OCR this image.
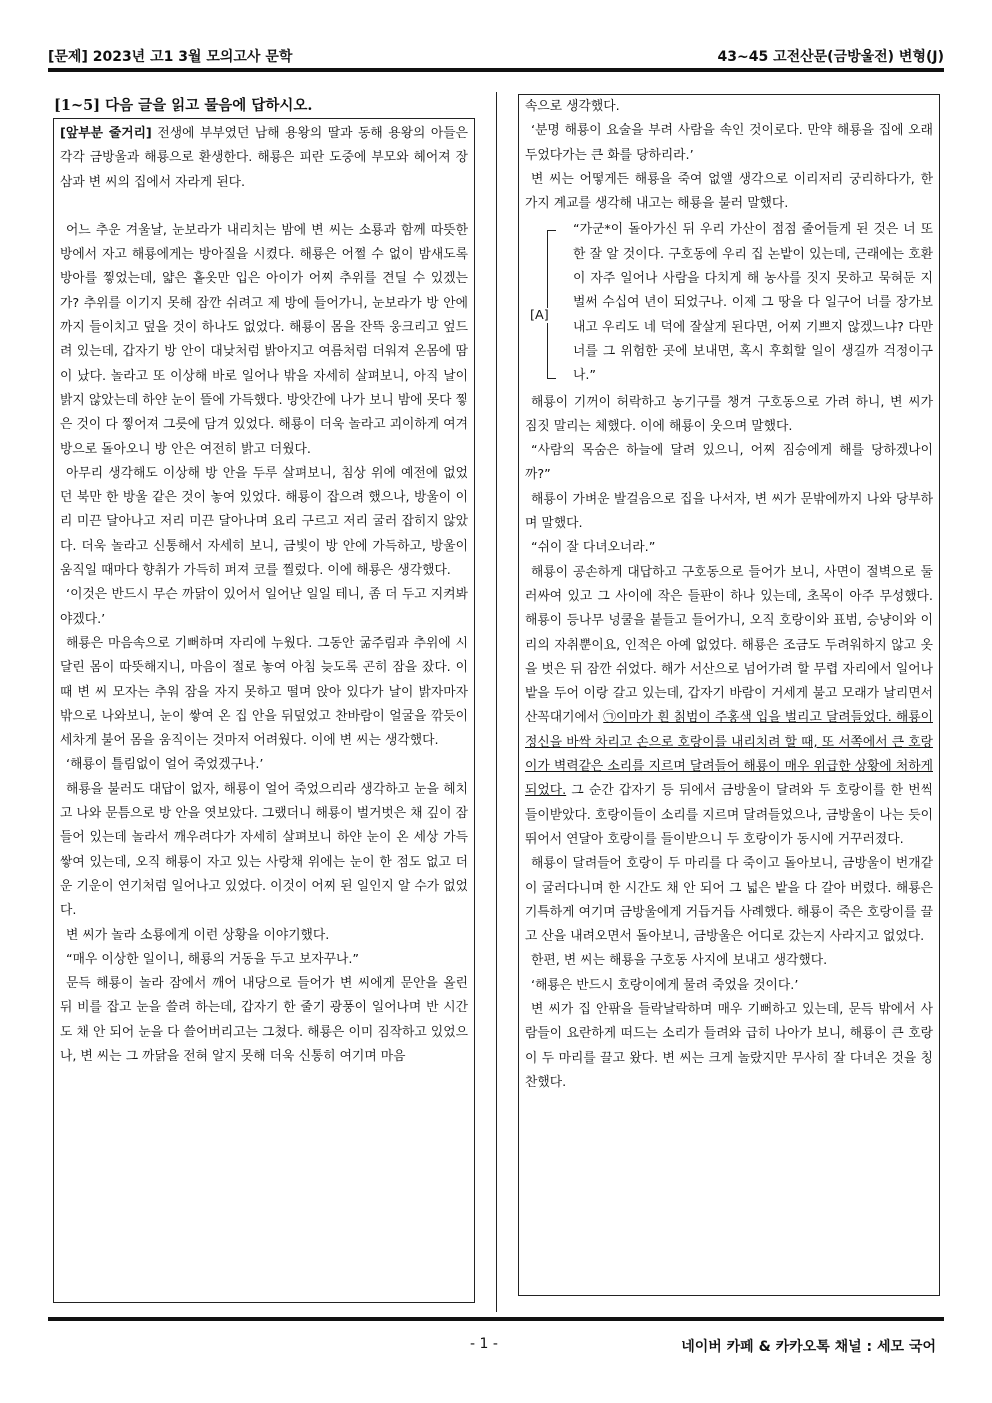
[문제] 2023년 고1 3월 모의고사 문학	43~45 고전산문(금방울전) 변형(J)
[1~5] 다음 글을 읽고 물음에 답하시오.

[앞부분 줄거리] 전생에 부부였던 남해 용왕의 딸과 동해 용왕의 아들은 각각 금방울과 해룡으로 환생한다. 해룡은 피란 도중에 부모와 헤어져 장삼과 변 씨의 집에서 자라게 된다.

어느 추운 겨울날, 눈보라가 내리치는 밤에 변 씨는 소룡과 함께 따뜻한 방에서 자고 해룡에게는 방아질을 시켰다. 해룡은 어쩔 수 없이 밤새도록 방아를 찧었는데, 얇은 홑옷만 입은 아이가 어찌 추위를 견딜 수 있겠는가? 추위를 이기지 못해 잠깐 쉬려고 제 방에 들어가니, 눈보라가 방 안에까지 들이치고 덮을 것이 하나도 없었다. 해룡이 몸을 잔뜩 웅크리고 엎드려 있는데, 갑자기 방 안이 대낮처럼 밝아지고 여름처럼 더워져 온몸에 땀이 났다. 놀라고 또 이상해 바로 일어나 밖을 자세히 살펴보니, 아직 날이 밝지 않았는데 하얀 눈이 뜰에 가득했다. 방앗간에 나가 보니 밤에 못다 찧은 것이 다 찧어져 그릇에 담겨 있었다. 해룡이 더욱 놀라고 괴이하게 여겨 방으로 돌아오니 방 안은 여전히 밝고 더웠다.

아무리 생각해도 이상해 방 안을 두루 살펴보니, 침상 위에 예전에 없었던 북만 한 방울 같은 것이 놓여 있었다. 해룡이 잡으려 했으나, 방울이 이리 미끈 달아나고 저리 미끈 달아나며 요리 구르고 저리 굴러 잡히지 않았다. 더욱 놀라고 신통해서 자세히 보니, 금빛이 방 안에 가득하고, 방울이 움직일 때마다 향취가 가득히 퍼져 코를 찔렀다. 이에 해룡은 생각했다.

‘이것은 반드시 무슨 까닭이 있어서 일어난 일일 테니, 좀 더 두고 지켜봐야겠다.’

해룡은 마음속으로 기뻐하며 자리에 누웠다. 그동안 굶주림과 추위에 시달린 몸이 따뜻해지니, 마음이 절로 놓여 아침 늦도록 곤히 잠을 잤다. 이때 변 씨 모자는 추워 잠을 자지 못하고 떨며 앉아 있다가 날이 밝자마자 밖으로 나와보니, 눈이 쌓여 온 집 안을 뒤덮었고 찬바람이 얼굴을 깎듯이 세차게 불어 몸을 움직이는 것마저 어려웠다. 이에 변 씨는 생각했다.

‘해룡이 틀림없이 얼어 죽었겠구나.’

해룡을 불러도 대답이 없자, 해룡이 얼어 죽었으리라 생각하고 눈을 헤치고 나와 문틈으로 방 안을 엿보았다. 그랬더니 해룡이 벌거벗은 채 깊이 잠들어 있는데 놀라서 깨우려다가 자세히 살펴보니 하얀 눈이 온 세상 가득 쌓여 있는데, 오직 해룡이 자고 있는 사랑채 위에는 눈이 한 점도 없고 더운 기운이 연기처럼 일어나고 있었다. 이것이 어찌 된 일인지 알 수가 없었다.

변 씨가 놀라 소룡에게 이런 상황을 이야기했다.

“매우 이상한 일이니, 해룡의 거동을 두고 보자꾸나.”

문득 해룡이 놀라 잠에서 깨어 내당으로 들어가 변 씨에게 문안을 올린 뒤 비를 잡고 눈을 쓸려 하는데, 갑자기 한 줄기 광풍이 일어나며 반 시간도 채 안 되어 눈을 다 쓸어버리고는 그쳤다. 해룡은 이미 짐작하고 있었으나, 변 씨는 그 까닭을 전혀 알지 못해 더욱 신통히 여기며 마음

속으로 생각했다.

‘분명 해룡이 요술을 부려 사람을 속인 것이로다. 만약 해룡을 집에 오래 두었다가는 큰 화를 당하리라.’

변 씨는 어떻게든 해룡을 죽여 없앨 생각으로 이리저리 궁리하다가, 한 가지 계교를 생각해 내고는 해룡을 불러 말했다.

[A]

“가군*이 돌아가신 뒤 우리 가산이 점점 줄어들게 된 것은 너 또한 잘 알 것이다. 구호동에 우리 집 논밭이 있는데, 근래에는 호환이 자주 일어나 사람을 다치게 해 농사를 짓지 못하고 묵혀둔 지 벌써 수십여 년이 되었구나. 이제 그 땅을 다 일구어 너를 장가보내고 우리도 네 덕에 잘살게 된다면, 어찌 기쁘지 않겠느냐? 다만 너를 그 위험한 곳에 보내면, 혹시 후회할 일이 생길까 걱정이구나.”

해룡이 기꺼이 허락하고 농기구를 챙겨 구호동으로 가려 하니, 변 씨가 짐짓 말리는 체했다. 이에 해룡이 웃으며 말했다.

“사람의 목숨은 하늘에 달려 있으니, 어찌 짐승에게 해를 당하겠나이까?”

해룡이 가벼운 발걸음으로 집을 나서자, 변 씨가 문밖에까지 나와 당부하며 말했다.

“쉬이 잘 다녀오너라.”

해룡이 공손하게 대답하고 구호동으로 들어가 보니, 사면이 절벽으로 둘러싸여 있고 그 사이에 작은 들판이 하나 있는데, 초목이 아주 무성했다. 해룡이 등나무 넝쿨을 붙들고 들어가니, 오직 호랑이와 표범, 승냥이와 이리의 자취뿐이요, 인적은 아예 없었다. 해룡은 조금도 두려워하지 않고 옷을 벗은 뒤 잠깐 쉬었다. 해가 서산으로 넘어가려 할 무렵 자리에서 일어나 밭을 두어 이랑 갈고 있는데, 갑자기 바람이 거세게 불고 모래가 날리면서 산꼭대기에서 ㉠이마가 흰 칡범이 주홍색 입을 벌리고 달려들었다. 해룡이 정신을 바싹 차리고 손으로 호랑이를 내리치려 할 때, 또 서쪽에서 큰 호랑이가 벽력같은 소리를 지르며 달려들어 해룡이 매우 위급한 상황에 처하게 되었다. 그 순간 갑자기 등 뒤에서 금방울이 달려와 두 호랑이를 한 번씩 들이받았다. 호랑이들이 소리를 지르며 달려들었으나, 금방울이 나는 듯이 뛰어서 연달아 호랑이를 들이받으니 두 호랑이가 동시에 거꾸러졌다.

해룡이 달려들어 호랑이 두 마리를 다 죽이고 돌아보니, 금방울이 번개같이 굴러다니며 한 시간도 채 안 되어 그 넓은 밭을 다 갈아 버렸다. 해룡은 기특하게 여기며 금방울에게 거듭거듭 사례했다. 해룡이 죽은 호랑이를 끌고 산을 내려오면서 돌아보니, 금방울은 어디로 갔는지 사라지고 없었다.

한편, 변 씨는 해룡을 구호동 사지에 보내고 생각했다.

‘해룡은 반드시 호랑이에게 물려 죽었을 것이다.’

변 씨가 집 안팎을 들락날락하며 매우 기뻐하고 있는데, 문득 밖에서 사람들이 요란하게 떠드는 소리가 들려와 급히 나아가 보니, 해룡이 큰 호랑이 두 마리를 끌고 왔다. 변 씨는 크게 놀랐지만 무사히 잘 다녀온 것을 칭찬했다.

- 1 -	네이버 카페 & 카카오톡 채널 : 세모 국어
